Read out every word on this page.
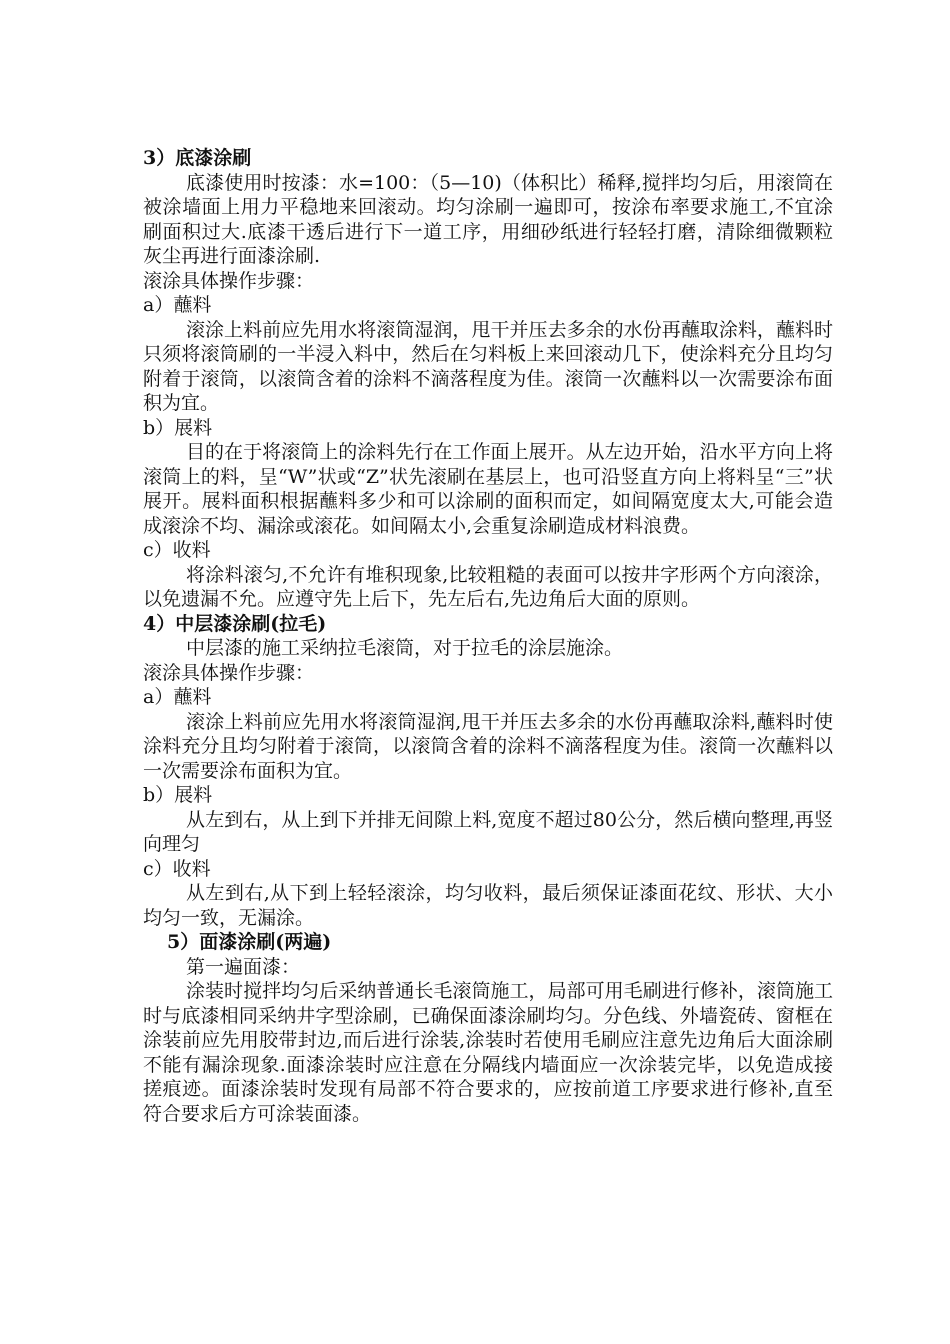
3）底漆涂刷

底漆使用时按漆：水=100：（5—10)（体积比）稀释,搅拌均匀后，用滚筒在被涂墙面上用力平稳地来回滚动。均匀涂刷一遍即可，按涂布率要求施工,不宜涂刷面积过大.底漆干透后进行下一道工序，用细砂纸进行轻轻打磨，清除细微颗粒灰尘再进行面漆涂刷.

滚涂具体操作步骤：

a）蘸料

滚涂上料前应先用水将滚筒湿润，甩干并压去多余的水份再蘸取涂料，蘸料时只须将滚筒刷的一半浸入料中，然后在匀料板上来回滚动几下，使涂料充分且均匀附着于滚筒，以滚筒含着的涂料不滴落程度为佳。滚筒一次蘸料以一次需要涂布面积为宜。

b）展料

目的在于将滚筒上的涂料先行在工作面上展开。从左边开始，沿水平方向上将滚筒上的料，呈“W”状或“Z”状先滚刷在基层上，也可沿竖直方向上将料呈“三”状展开。展料面积根据蘸料多少和可以涂刷的面积而定，如间隔宽度太大,可能会造成滚涂不均、漏涂或滚花。如间隔太小,会重复涂刷造成材料浪费。

c）收料

将涂料滚匀,不允许有堆积现象,比较粗糙的表面可以按井字形两个方向滚涂，以免遗漏不允。应遵守先上后下，先左后右,先边角后大面的原则。

4）中层漆涂刷(拉毛)

中层漆的施工采纳拉毛滚筒，对于拉毛的涂层施涂。

滚涂具体操作步骤：

a）蘸料

滚涂上料前应先用水将滚筒湿润,甩干并压去多余的水份再蘸取涂料,蘸料时使涂料充分且均匀附着于滚筒，以滚筒含着的涂料不滴落程度为佳。滚筒一次蘸料以一次需要涂布面积为宜。

b）展料

从左到右，从上到下并排无间隙上料,宽度不超过80公分，然后横向整理,再竖向理匀

c）收料

从左到右,从下到上轻轻滚涂，均匀收料，最后须保证漆面花纹、形状、大小均匀一致，无漏涂。

5）面漆涂刷(两遍)

第一遍面漆：

涂装时搅拌均匀后采纳普通长毛滚筒施工，局部可用毛刷进行修补，滚筒施工时与底漆相同采纳井字型涂刷，已确保面漆涂刷均匀。分色线、外墙瓷砖、窗框在涂装前应先用胶带封边,而后进行涂装,涂装时若使用毛刷应注意先边角后大面涂刷不能有漏涂现象.面漆涂装时应注意在分隔线内墙面应一次涂装完毕，以免造成接搓痕迹。面漆涂装时发现有局部不符合要求的，应按前道工序要求进行修补,直至符合要求后方可涂装面漆。
